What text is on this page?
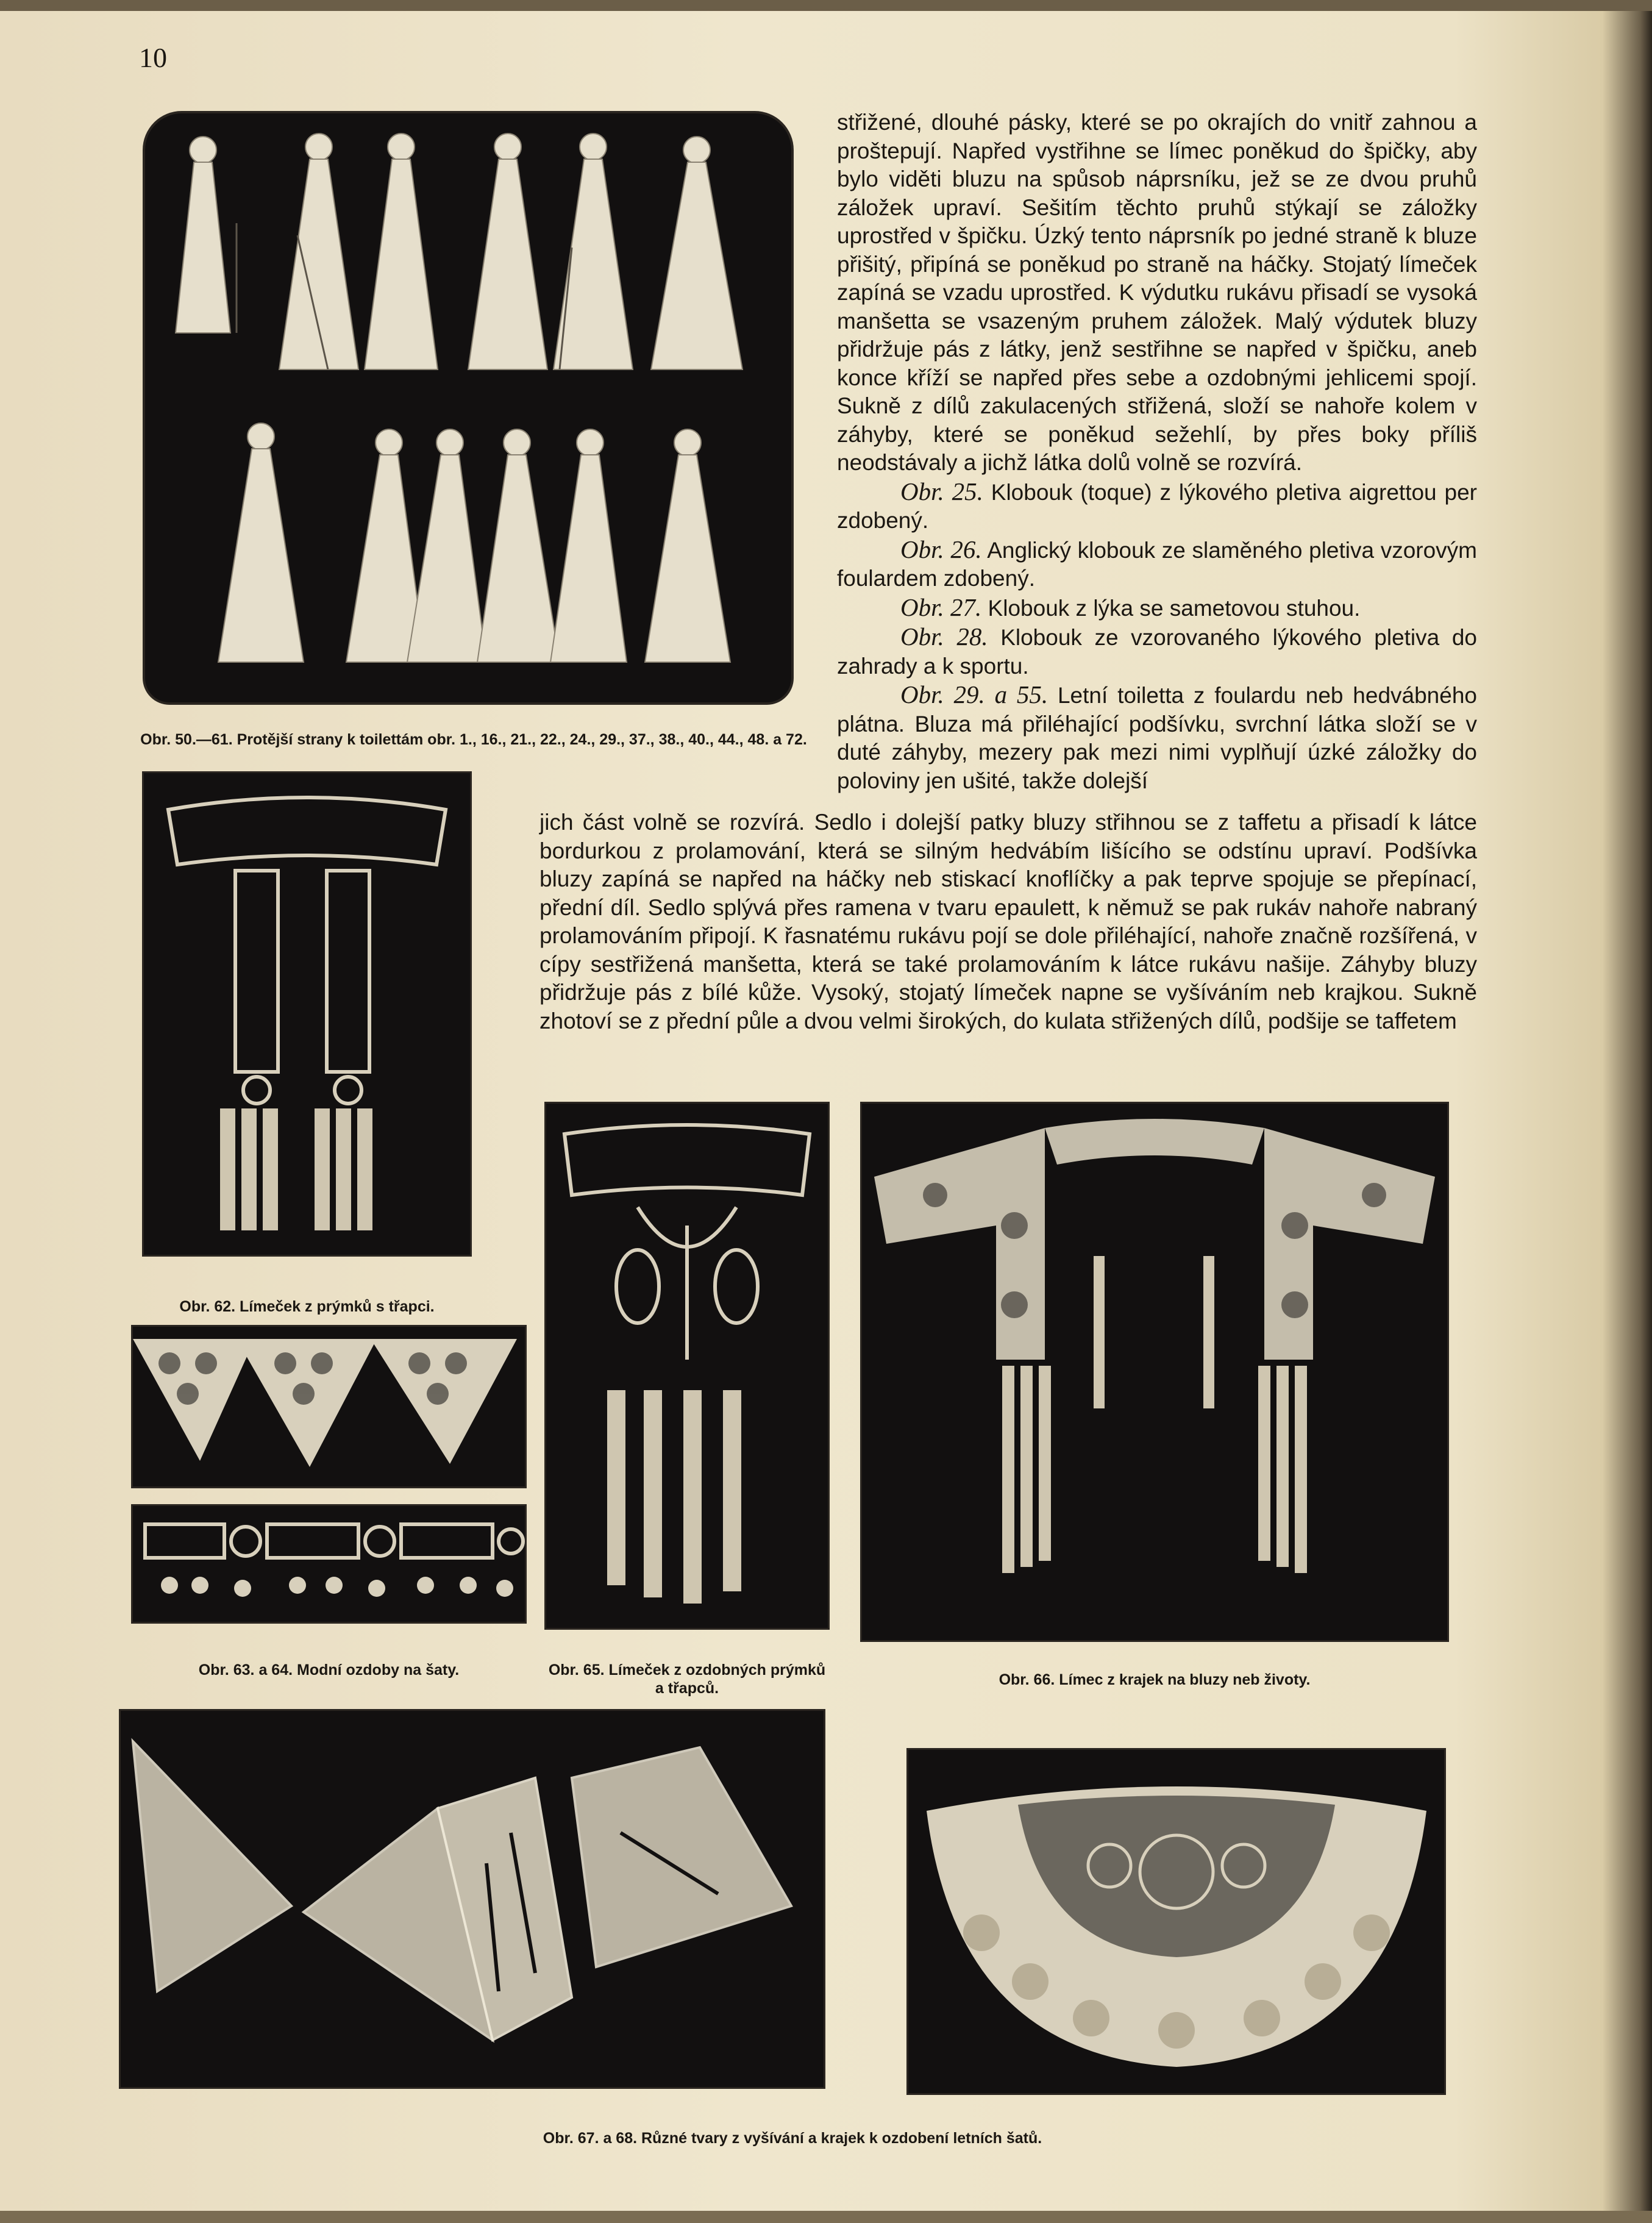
10
Obr. 50.—61. Protější strany k toilettám obr. 1., 16., 21., 22., 24., 29., 37., 38., 40., 44., 48. a 72.

střižené, dlouhé pásky, které se po okrajích do vnitř zahnou a proštepují. Napřed vystřihne se límec poněkud do špičky, aby bylo viděti bluzu na spůsob náprsníku, jež se ze dvou pruhů záložek upraví. Sešitím těchto pruhů stýkají se záložky uprostřed v špičku. Úzký tento náprsník po jedné straně k bluze přišitý, připíná se poněkud po straně na háčky. Stojatý límeček zapíná se vzadu uprostřed. K výdutku rukávu přisadí se vysoká manšetta se vsazeným pruhem záložek. Malý výdutek bluzy přidržuje pás z látky, jenž sestřihne se napřed v špičku, aneb konce kříží se napřed přes sebe a ozdobnými jehlicemi spojí. Sukně z dílů zakulacených střižená, složí se nahoře kolem v záhyby, které se poněkud sežehlí, by přes boky příliš neodstávaly a jichž látka dolů volně se rozvírá.

Obr. 25. Klobouk (toque) z lýkového pletiva aigrettou per zdobený.

Obr. 26. Anglický klobouk ze slaměného pletiva vzorovým foulardem zdobený.

Obr. 27. Klobouk z lýka se sametovou stuhou.

Obr. 28. Klobouk ze vzorovaného lýkového pletiva do zahrady a k sportu.

Obr. 29. a 55. Letní toiletta z foulardu neb hedvábného plátna. Bluza má přiléhající podšívku, svrchní látka složí se v duté záhyby, mezery pak mezi nimi vyplňují úzké záložky do poloviny jen ušité, takže dolejší

jich část volně se rozvírá. Sedlo i dolejší patky bluzy střihnou se z taffetu a přisadí k látce bordurkou z prolamování, která se silným hedvábím lišícího se odstínu upraví. Podšívka bluzy zapíná se napřed na háčky neb stiskací knoflíčky a pak teprve spojuje se přepínací, přední díl. Sedlo splývá přes ramena v tvaru epaulett, k němuž se pak rukáv nahoře nabraný prolamováním připojí. K řasnatému rukávu pojí se dole přiléhající, nahoře značně rozšířená, v cípy sestřižená manšetta, která se také prolamováním k látce rukávu našije. Záhyby bluzy přidržuje pás z bílé kůže. Vysoký, stojatý límeček napne se vyšíváním neb krajkou. Sukně zhotoví se z přední půle a dvou velmi širokých, do kulata střižených dílů, podšije se taffetem
Obr. 62. Límeček z prýmků s třapci.
Obr. 63. a 64. Modní ozdoby na šaty.	Obr. 65. Límeček z ozdobných prýmků a třapců.	Obr. 66. Límec z krajek na bluzy neb životy.
Obr. 67. a 68. Různé tvary z vyšívání a krajek k ozdobení letních šatů.
